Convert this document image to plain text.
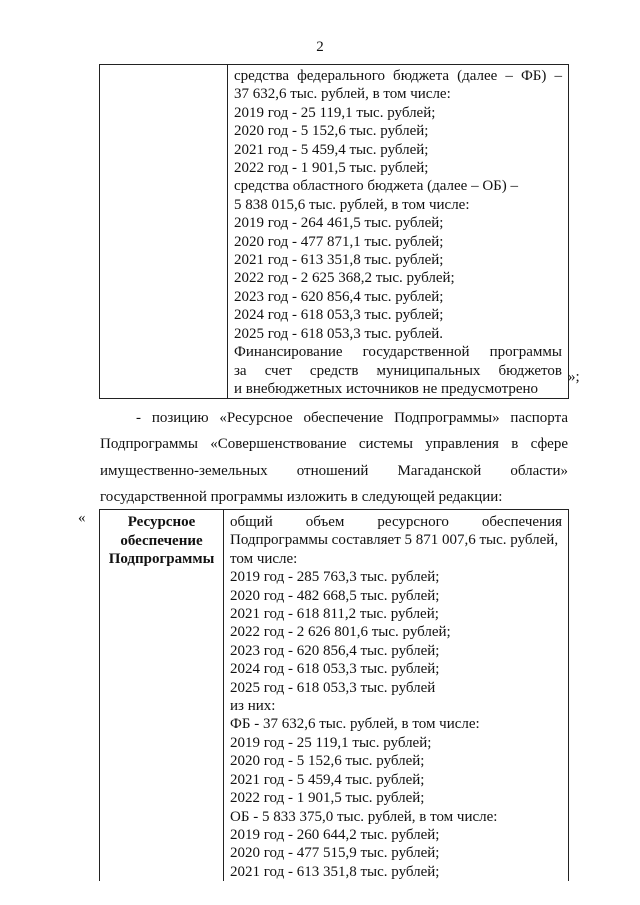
2

средства федерального бюджета (далее – ФБ) –
37 632,6 тыс. рублей, в том числе:
2019 год - 25 119,1 тыс. рублей;
2020 год - 5 152,6 тыс. рублей;
2021 год - 5 459,4 тыс. рублей;
2022 год - 1 901,5 тыс. рублей;
средства областного бюджета (далее – ОБ) –
5 838 015,6 тыс. рублей, в том числе:
2019 год - 264 461,5 тыс. рублей;
2020 год - 477 871,1 тыс. рублей;
2021 год - 613 351,8 тыс. рублей;
2022 год - 2 625 368,2 тыс. рублей;
2023 год - 620 856,4 тыс. рублей;
2024 год - 618 053,3 тыс. рублей;
2025 год - 618 053,3 тыс. рублей.
Финансирование государственной программы
за счет средств муниципальных бюджетов
и внебюджетных источников не предусмотрено
»;
- позицию «Ресурсное обеспечение Подпрограммы» паспорта
Подпрограммы «Совершенствование системы управления в сфере
имущественно-земельных отношений Магаданской области»
государственной программы изложить в следующей редакции:
«	Ресурсное
обеспечение
Подпрограммы

общий объем ресурсного обеспечения
Подпрограммы составляет 5 871 007,6 тыс. рублей,
том числе:
2019 год - 285 763,3 тыс. рублей;
2020 год - 482 668,5 тыс. рублей;
2021 год - 618 811,2 тыс. рублей;
2022 год - 2 626 801,6 тыс. рублей;
2023 год - 620 856,4 тыс. рублей;
2024 год - 618 053,3 тыс. рублей;
2025 год - 618 053,3 тыс. рублей
из них:
ФБ - 37 632,6 тыс. рублей, в том числе:
2019 год - 25 119,1 тыс. рублей;
2020 год - 5 152,6 тыс. рублей;
2021 год - 5 459,4 тыс. рублей;
2022 год - 1 901,5 тыс. рублей;
ОБ - 5 833 375,0 тыс. рублей, в том числе:
2019 год - 260 644,2 тыс. рублей;
2020 год - 477 515,9 тыс. рублей;
2021 год - 613 351,8 тыс. рублей;
